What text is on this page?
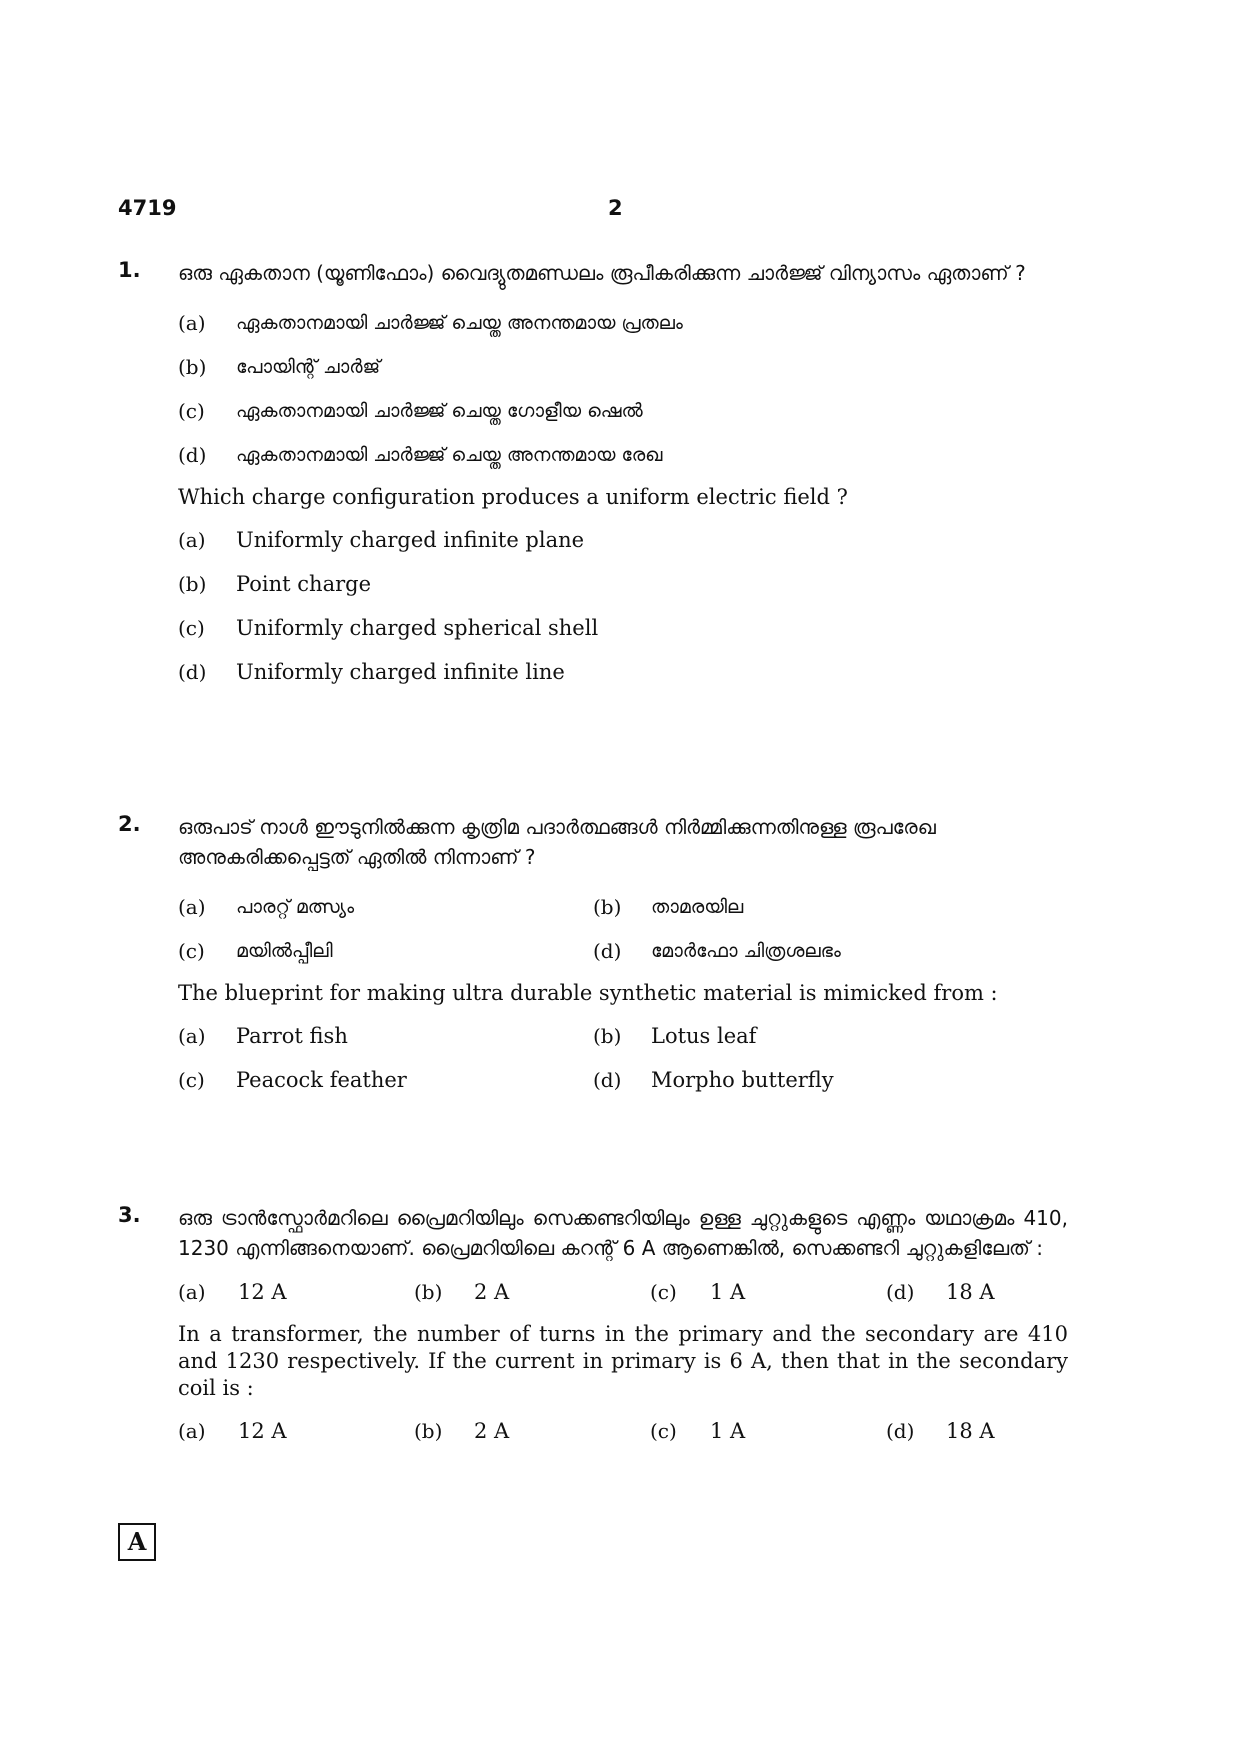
4719	2
1. ഒരു ഏകതാന (യൂണിഫോം) വൈദ്യുതമണ്ഡലം രൂപീകരിക്കുന്ന ചാർജ്ജ് വിന്യാസം ഏതാണ് ?
(a) ഏകതാനമായി ചാർജ്ജ് ചെയ്ത അനന്തമായ പ്രതലം
(b) പോയിന്റ് ചാർജ്
(c) ഏകതാനമായി ചാർജ്ജ് ചെയ്ത ഗോളീയ ഷെൽ
(d) ഏകതാനമായി ചാർജ്ജ് ചെയ്ത അനന്തമായ രേഖ
Which charge configuration produces a uniform electric field ?
(a) Uniformly charged infinite plane
(b) Point charge
(c) Uniformly charged spherical shell
(d) Uniformly charged infinite line
2. ഒരുപാട് നാൾ ഈടുനിൽക്കുന്ന കൃത്രിമ പദാർത്ഥങ്ങൾ നിർമ്മിക്കുന്നതിനുള്ള രൂപരേഖ അനുകരിക്കപ്പെട്ടത് ഏതിൽ നിന്നാണ് ?
(a) പാരറ്റ് മത്സ്യം	(b) താമരയില
(c) മയിൽപ്പീലി	(d) മോർഫോ ചിത്രശലഭം
The blueprint for making ultra durable synthetic material is mimicked from :
(a) Parrot fish	(b) Lotus leaf
(c) Peacock feather	(d) Morpho butterfly
3. ഒരു ട്രാൻസ്ഫോർമറിലെ പ്രൈമറിയിലും സെക്കണ്ടറിയിലും ഉള്ള ചുറ്റുകളുടെ എണ്ണം യഥാക്രമം 410, 1230 എന്നിങ്ങനെയാണ്. പ്രൈമറിയിലെ കറന്റ് 6 A ആണെങ്കിൽ, സെക്കണ്ടറി ചുറ്റുകളിലേത് :
(a) 12 A	(b) 2 A	(c) 1 A	(d) 18 A
In a transformer, the number of turns in the primary and the secondary are 410 and 1230 respectively. If the current in primary is 6 A, then that in the secondary coil is :
(a) 12 A	(b) 2 A	(c) 1 A	(d) 18 A
A
